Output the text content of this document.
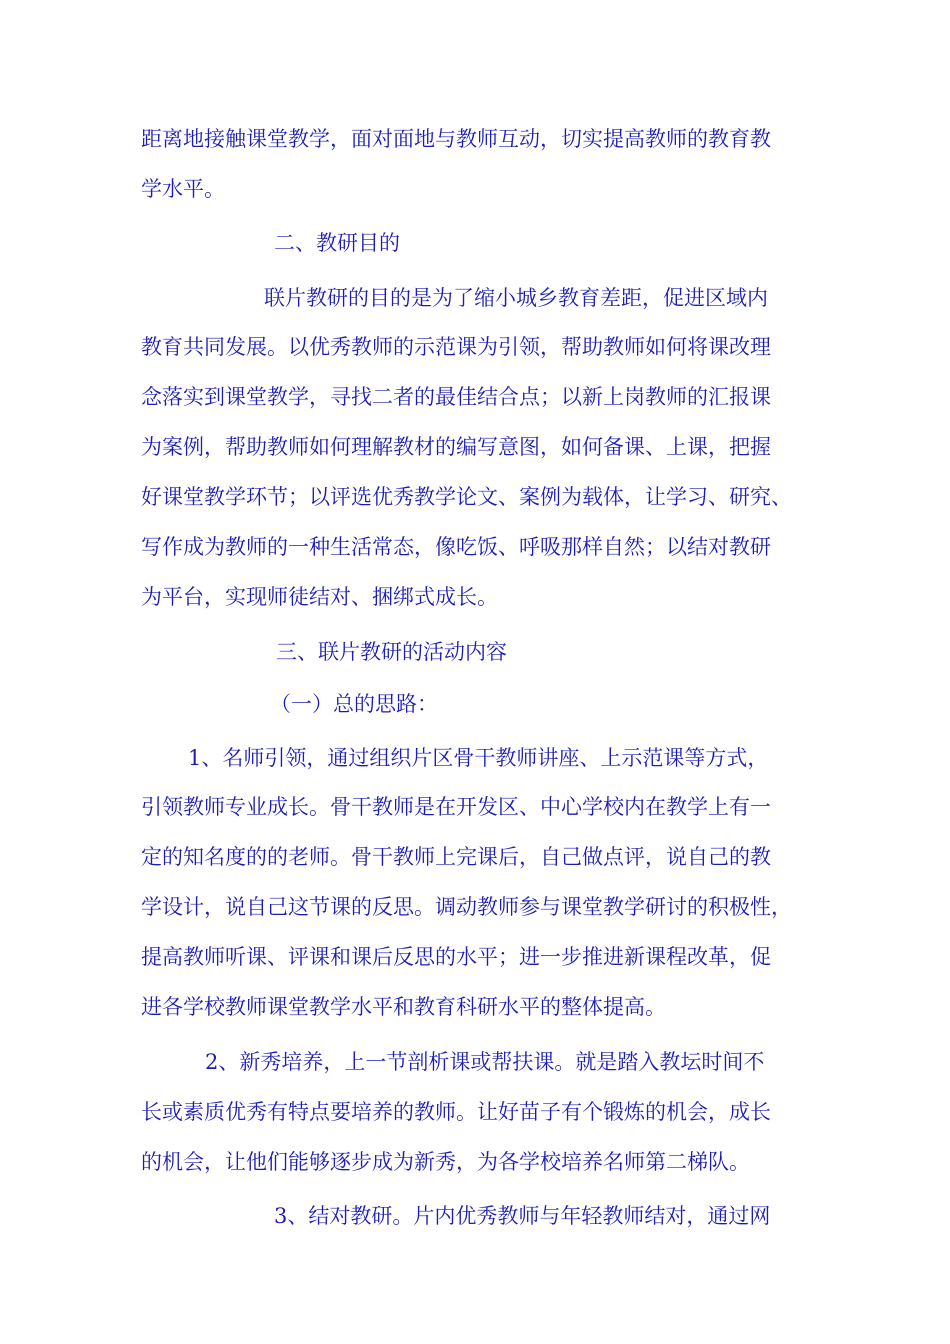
距离地接触课堂教学，面对面地与教师互动，切实提高教师的教育教

学水平。

二、教研目的

联片教研的目的是为了缩小城乡教育差距，促进区域内

教育共同发展。以优秀教师的示范课为引领，帮助教师如何将课改理

念落实到课堂教学，寻找二者的最佳结合点；以新上岗教师的汇报课

为案例，帮助教师如何理解教材的编写意图，如何备课、上课，把握

好课堂教学环节；以评选优秀教学论文、案例为载体，让学习、研究、

写作成为教师的一种生活常态，像吃饭、呼吸那样自然；以结对教研

为平台，实现师徒结对、捆绑式成长。

三、联片教研的活动内容

（一）总的思路：

1、名师引领，通过组织片区骨干教师讲座、上示范课等方式，

引领教师专业成长。骨干教师是在开发区、中心学校内在教学上有一

定的知名度的的老师。骨干教师上完课后，自己做点评，说自己的教

学设计，说自己这节课的反思。调动教师参与课堂教学研讨的积极性，

提高教师听课、评课和课后反思的水平；进一步推进新课程改革，促

进各学校教师课堂教学水平和教育科研水平的整体提高。

2、新秀培养，上一节剖析课或帮扶课。就是踏入教坛时间不

长或素质优秀有特点要培养的教师。让好苗子有个锻炼的机会，成长

的机会，让他们能够逐步成为新秀，为各学校培养名师第二梯队。

3、结对教研。片内优秀教师与年轻教师结对，通过网
